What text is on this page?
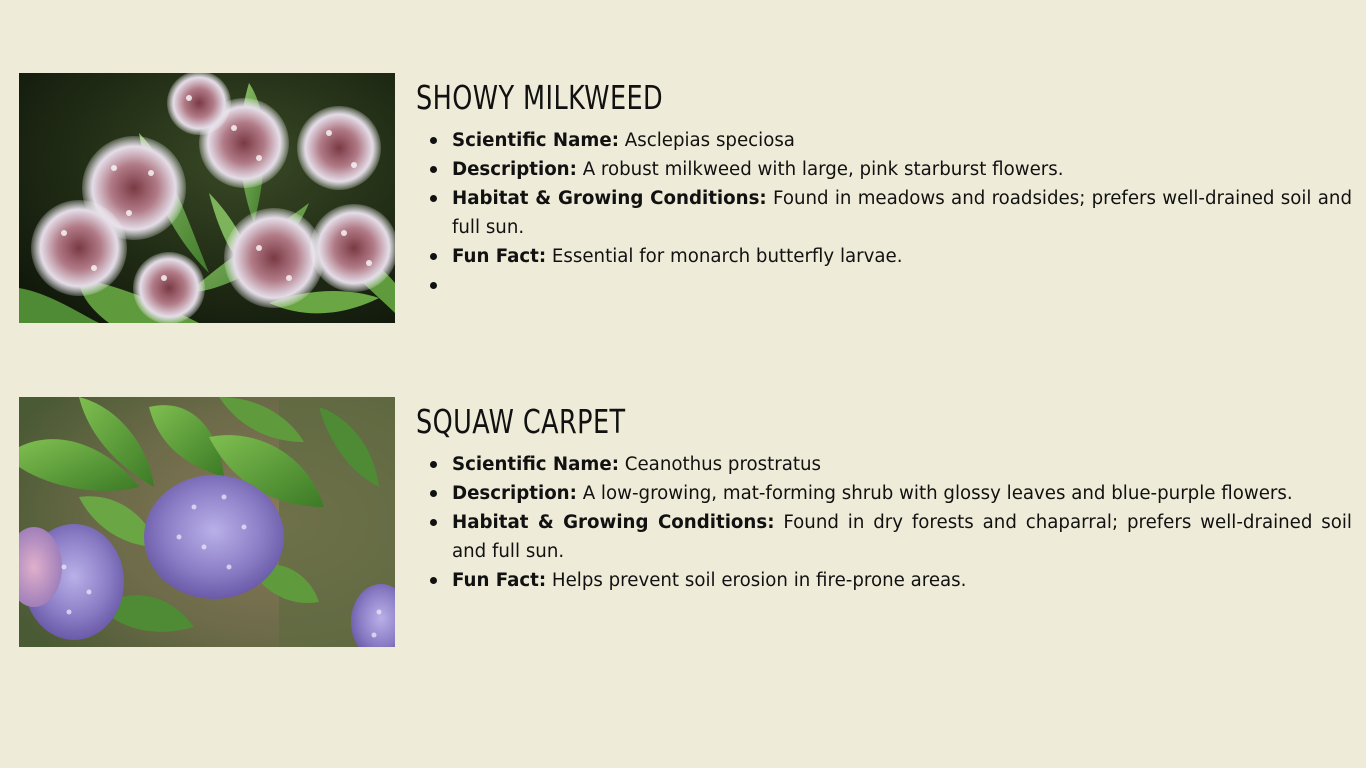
SHOWY MILKWEED
Scientific Name: Asclepias speciosa
Description: A robust milkweed with large, pink starburst flowers.
Habitat & Growing Conditions: Found in meadows and roadsides; prefers well-drained soil and full sun.
Fun Fact: Essential for monarch butterfly larvae.
SQUAW CARPET
Scientific Name: Ceanothus prostratus
Description: A low-growing, mat-forming shrub with glossy leaves and blue-purple flowers.
Habitat & Growing Conditions: Found in dry forests and chaparral; prefers well-drained soil and full sun.
Fun Fact: Helps prevent soil erosion in fire-prone areas.
